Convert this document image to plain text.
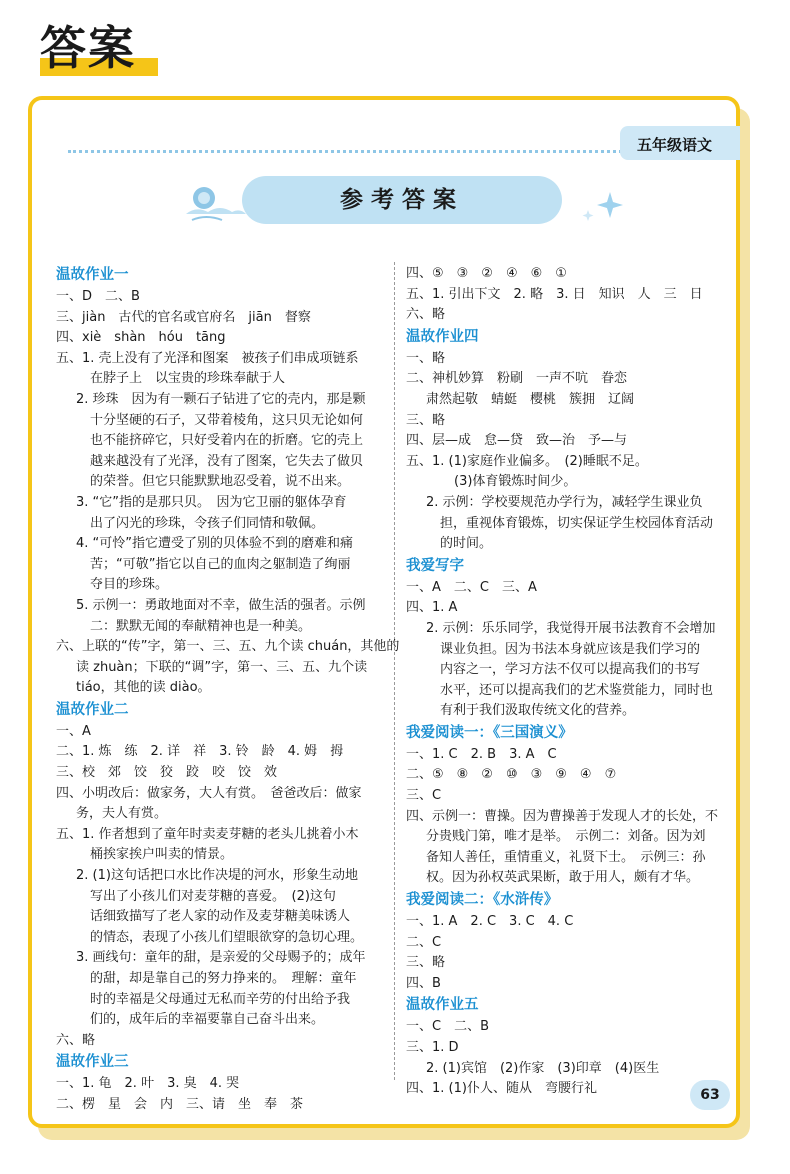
答案
五年级语文
参考答案
温故作业一
一、D　二、B
三、jiàn　古代的官名或官府名　jiān　督察
四、xiè　shàn　hóu　tāng
五、1. 壳上没有了光泽和图案　被孩子们串成项链系
在脖子上　以宝贵的珍珠奉献于人
2. 珍珠　因为有一颗石子钻进了它的壳内，那是颗
十分坚硬的石子，又带着棱角，这只贝无论如何
也不能挤碎它，只好受着内在的折磨。它的壳上
越来越没有了光泽，没有了图案，它失去了做贝
的荣誉。但它只能默默地忍受着，说不出来。
3. “它”指的是那只贝。　因为它卫丽的躯体孕育
出了闪光的珍珠，令孩子们同情和敬佩。
4. “可怜”指它遭受了别的贝体验不到的磨难和痛
苦；“可敬”指它以自己的血肉之躯制造了绚丽
夺目的珍珠。
5. 示例一：勇敢地面对不幸，做生活的强者。示例
二：默默无闻的奉献精神也是一种美。
六、上联的“传”字，第一、三、五、九个读 chuán，其他的
读 zhuàn；下联的“调”字，第一、三、五、九个读
tiáo，其他的读 diào。
温故作业二
一、A
二、1. 炼　练　2. 详　祥　3. 铃　龄　4. 姆　拇
三、校　郊　饺　狡　跤　咬　饺　效
四、小明改后：做家务，大人有赏。　爸爸改后：做家
务，夫人有赏。
五、1. 作者想到了童年时卖麦芽糖的老头儿挑着小木
桶挨家挨户叫卖的情景。
2. (1)这句话把口水比作决堤的河水，形象生动地
写出了小孩儿们对麦芽糖的喜爱。　(2)这句
话细致描写了老人家的动作及麦芽糖美味诱人
的情态，表现了小孩儿们望眼欲穿的急切心理。
3. 画线句：童年的甜，是亲爱的父母赐予的；成年
的甜，却是靠自己的努力挣来的。　理解：童年
时的幸福是父母通过无私而辛劳的付出给予我
们的，成年后的幸福要靠自己奋斗出来。
六、略
温故作业三
一、1. 龟　2. 叶　3. 臭　4. 哭
二、楞　星　会　内　三、请　坐　奉　茶
四、⑤　③　②　④　⑥　①
五、1. 引出下文　2. 略　3. 日　知识　人　三　日
六、略
温故作业四
一、略
二、神机妙算　粉刷　一声不吭　眷恋
肃然起敬　蜻蜓　樱桃　簇拥　辽阔
三、略
四、层—成　怠—贷　致—治　予—与
五、1. (1)家庭作业偏多。　(2)睡眠不足。
(3)体育锻炼时间少。
2. 示例：学校要规范办学行为，减轻学生课业负
担，重视体育锻炼，切实保证学生校园体育活动
的时间。
我爱写字
一、A　二、C　三、A
四、1. A
2. 示例：乐乐同学，我觉得开展书法教育不会增加
课业负担。因为书法本身就应该是我们学习的
内容之一，学习方法不仅可以提高我们的书写
水平，还可以提高我们的艺术鉴赏能力，同时也
有利于我们汲取传统文化的营养。
我爱阅读一：《三国演义》
一、1. C　2. B　3. A　C
二、⑤　⑧　②　⑩　③　⑨　④　⑦
三、C
四、示例一：曹操。因为曹操善于发现人才的长处，不
分贵贱门第，唯才是举。　示例二：刘备。因为刘
备知人善任，重情重义，礼贤下士。　示例三：孙
权。因为孙权英武果断，敢于用人，颇有才华。
我爱阅读二：《水浒传》
一、1. A　2. C　3. C　4. C
二、C
三、略
四、B
温故作业五
一、C　二、B
三、1. D
2. (1)宾馆　(2)作家　(3)印章　(4)医生
四、1. (1)仆人、随从　弯腰行礼	63
